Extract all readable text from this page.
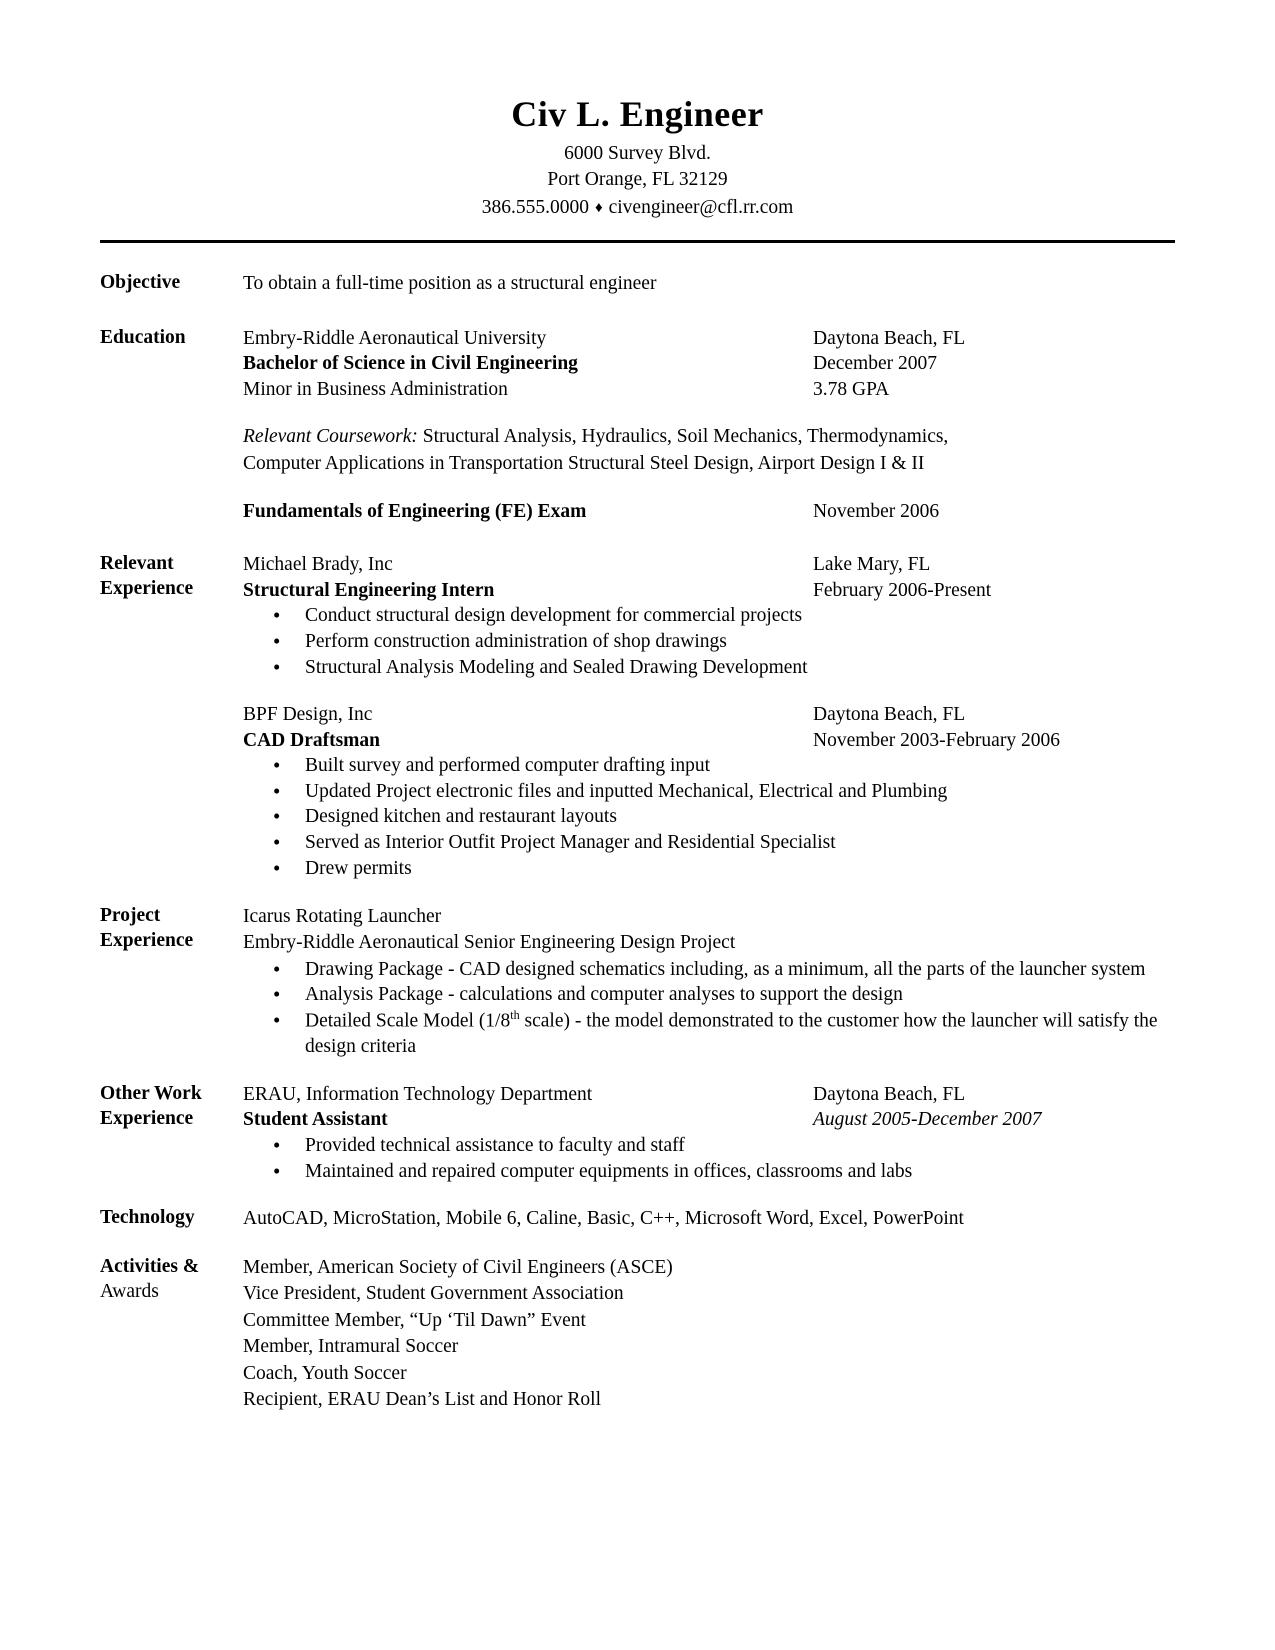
Civ L. Engineer
6000 Survey Blvd.
Port Orange, FL 32129
386.555.0000 ♦ civengineer@cfl.rr.com
Objective	To obtain a full-time position as a structural engineer
Education	Embry-Riddle Aeronautical University	Daytona Beach, FL
Bachelor of Science in Civil Engineering	December 2007
Minor in Business Administration	3.78 GPA
Relevant Coursework: Structural Analysis, Hydraulics, Soil Mechanics, Thermodynamics,
Computer Applications in Transportation Structural Steel Design, Airport Design I & II
Fundamentals of Engineering (FE) Exam	November 2006
Relevant
Experience
Michael Brady, Inc	Lake Mary, FL
Structural Engineering Intern	February 2006-Present
• Conduct structural design development for commercial projects
• Perform construction administration of shop drawings
• Structural Analysis Modeling and Sealed Drawing Development
BPF Design, Inc	Daytona Beach, FL
CAD Draftsman	November 2003-February 2006
• Built survey and performed computer drafting input
• Updated Project electronic files and inputted Mechanical, Electrical and Plumbing
• Designed kitchen and restaurant layouts
• Served as Interior Outfit Project Manager and Residential Specialist
• Drew permits
Project
Experience
Icarus Rotating Launcher
Embry-Riddle Aeronautical Senior Engineering Design Project
• Drawing Package - CAD designed schematics including, as a minimum, all the parts of the launcher system
• Analysis Package - calculations and computer analyses to support the design
• Detailed Scale Model (1/8th scale) - the model demonstrated to the customer how the launcher will satisfy the design criteria
Other Work
Experience
ERAU, Information Technology Department	Daytona Beach, FL
Student Assistant	August 2005-December 2007
• Provided technical assistance to faculty and staff
• Maintained and repaired computer equipments in offices, classrooms and labs
Technology	AutoCAD, MicroStation, Mobile 6, Caline, Basic, C++, Microsoft Word, Excel, PowerPoint
Activities &
Awards
Member, American Society of Civil Engineers (ASCE)
Vice President, Student Government Association
Committee Member, “Up ‘Til Dawn” Event
Member, Intramural Soccer
Coach, Youth Soccer
Recipient, ERAU Dean’s List and Honor Roll
